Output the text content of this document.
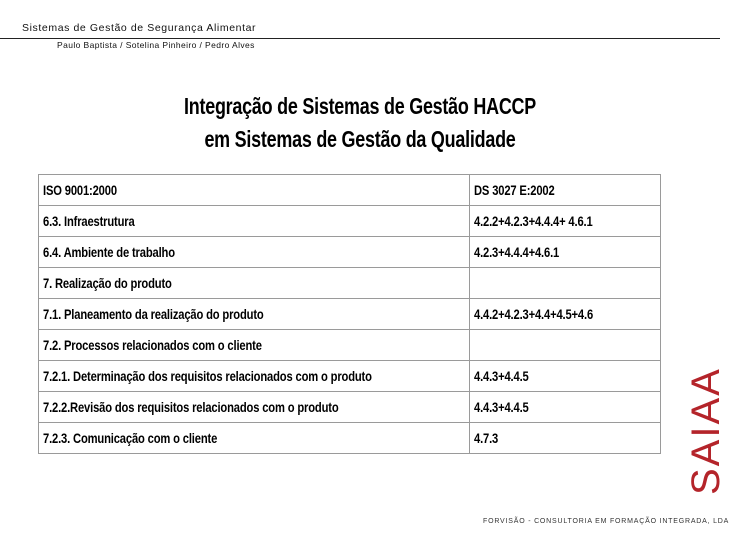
Sistemas de Gestão de Segurança Alimentar
Paulo Baptista / Sotelina Pinheiro / Pedro Alves
Integração de Sistemas de Gestão HACCP
em Sistemas de Gestão da Qualidade
ISO 9001:2000	DS 3027 E:2002
6.3. Infraestrutura	4.2.2+4.2.3+4.4.4+ 4.6.1
6.4. Ambiente de trabalho	4.2.3+4.4.4+4.6.1
7. Realização do produto	
7.1. Planeamento da realização do produto	4.4.2+4.2.3+4.4+4.5+4.6
7.2. Processos relacionados com o cliente	
7.2.1. Determinação dos requisitos relacionados com o produto	4.4.3+4.4.5
7.2.2.Revisão dos requisitos relacionados com o produto	4.4.3+4.4.5
7.2.3. Comunicação com o cliente	4.7.3	SAIAA
FORVISÃO - CONSULTORIA EM FORMAÇÃO INTEGRADA, LDA
